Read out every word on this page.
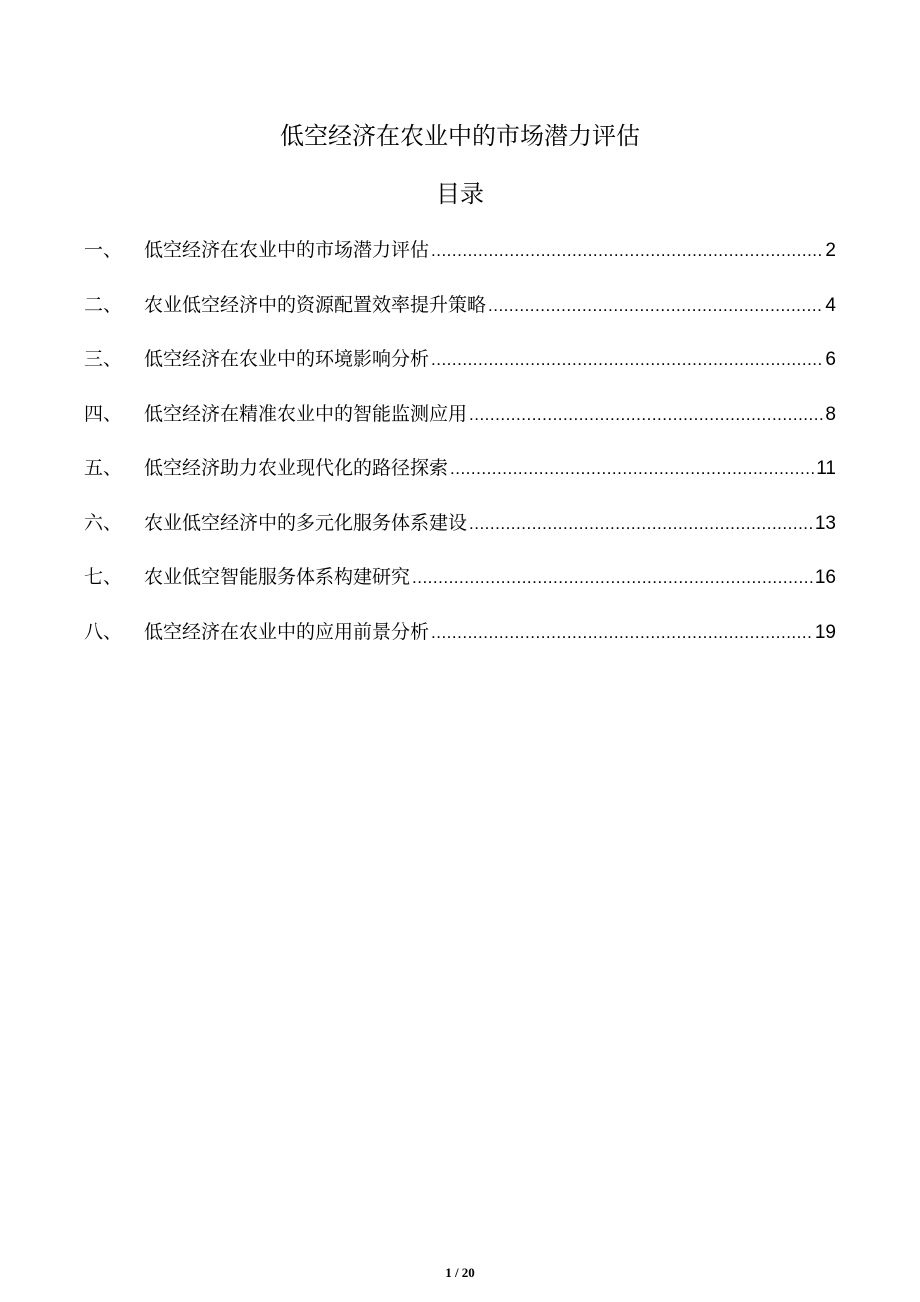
低空经济在农业中的市场潜力评估
目录
一、	低空经济在农业中的市场潜力评估 .....	2
二、	农业低空经济中的资源配置效率提升策略 .....	4
三、	低空经济在农业中的环境影响分析 .....	6
四、	低空经济在精准农业中的智能监测应用 .....	8
五、	低空经济助力农业现代化的路径探索 .....	11
六、	农业低空经济中的多元化服务体系建设 .....	13
七、	农业低空智能服务体系构建研究 .....	16
八、	低空经济在农业中的应用前景分析 .....	19
1 / 20
